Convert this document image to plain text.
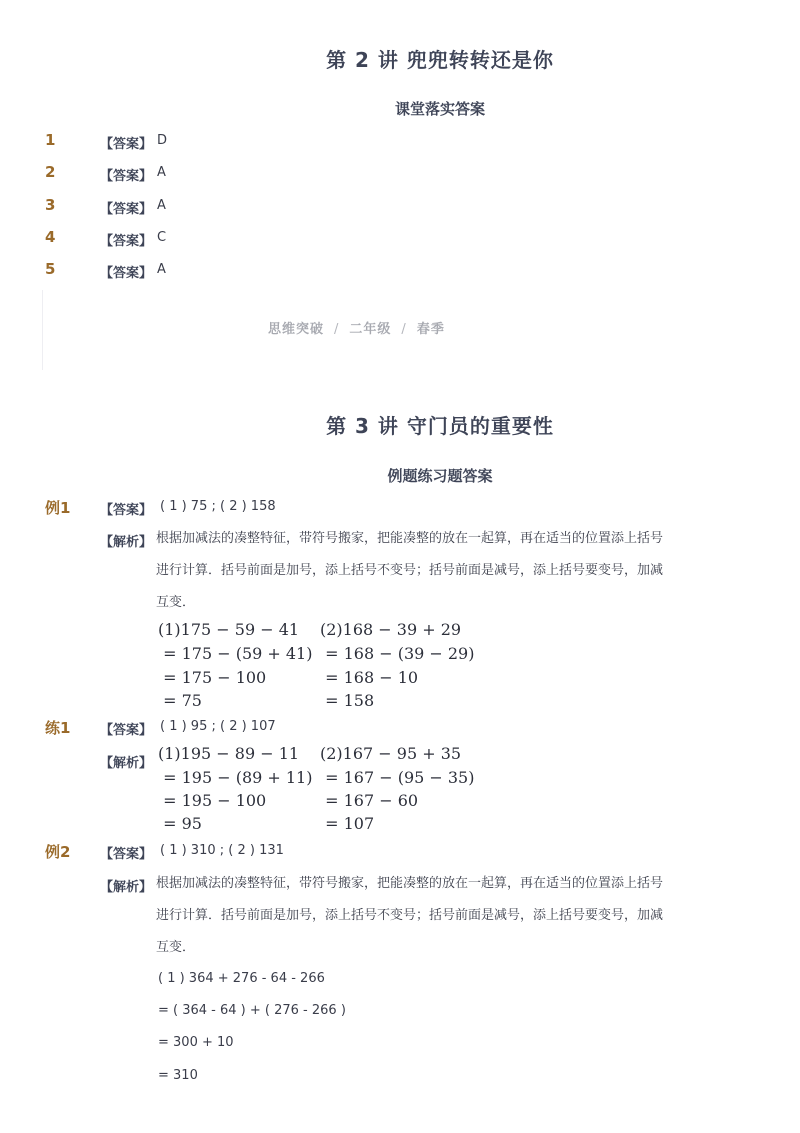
第 2 讲 兜兜转转还是你
课堂落实答案
1	【答案】 D
2	【答案】 A
3	【答案】 A
4	【答案】 C
5	【答案】 A
思维突破 / 二年级 / 春季
第 3 讲 守门员的重要性
例题练习题答案
例1 【答案】 ( 1 ) 75 ; ( 2 ) 158
【解析】 根据加减法的凑整特征，带符号搬家，把能凑整的放在一起算，再在适当的位置添上括号
进行计算．括号前面是加号，添上括号不变号；括号前面是减号，添上括号要变号，加减
互变．
(1)175 − 59 − 41
= 175 − (59 + 41)
= 175 − 100
= 75
(2)168 − 39 + 29
= 168 − (39 − 29)
= 168 − 10
= 158
练1 【答案】 ( 1 ) 95 ; ( 2 ) 107
【解析】
(1)195 − 89 − 11
= 195 − (89 + 11)
= 195 − 100
= 95
(2)167 − 95 + 35
= 167 − (95 − 35)
= 167 − 60
= 107
例2 【答案】 ( 1 ) 310 ; ( 2 ) 131
【解析】 根据加减法的凑整特征，带符号搬家，把能凑整的放在一起算，再在适当的位置添上括号
进行计算．括号前面是加号，添上括号不变号；括号前面是减号，添上括号要变号，加减
互变．
( 1 ) 364 + 276 - 64 - 266
= ( 364 - 64 ) + ( 276 - 266 )
= 300 + 10
= 310
